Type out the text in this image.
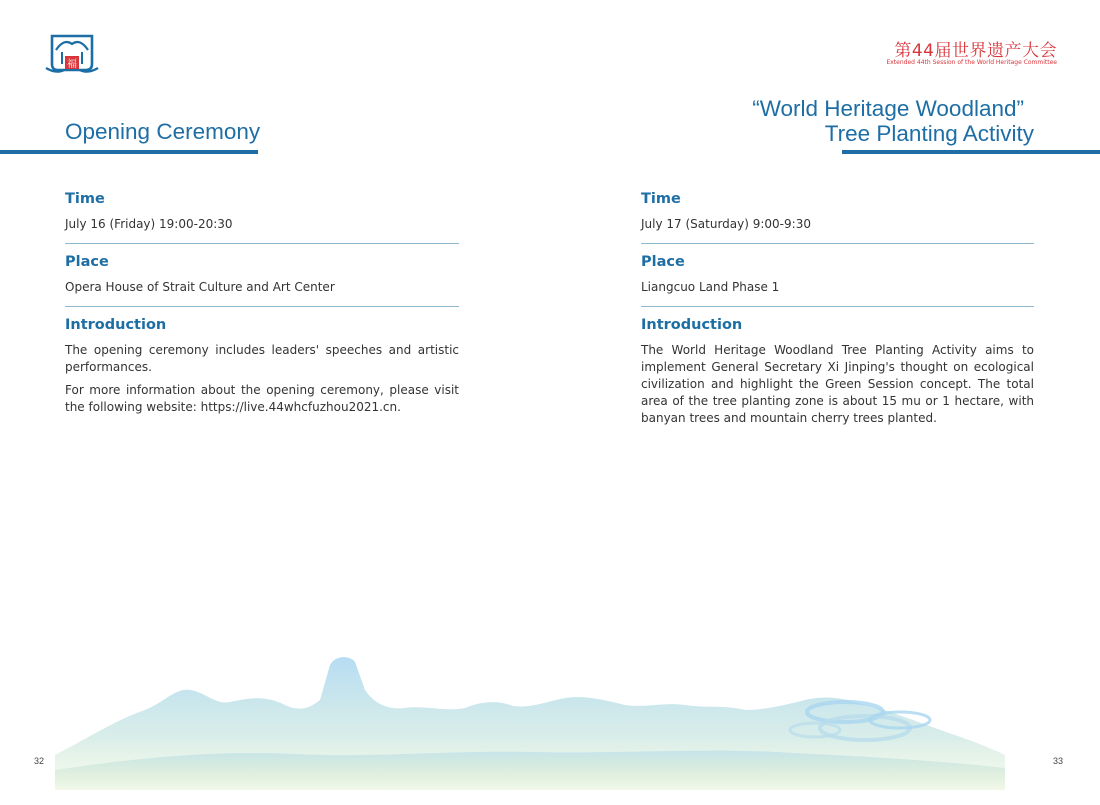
福
第44届世界遗产大会
Extended 44th Session of the World Heritage Committee
Opening Ceremony
“World Heritage Woodland”
Tree Planting Activity
Time
July 16 (Friday) 19:00-20:30
Place
Opera House of Strait Culture and Art Center
Introduction
The opening ceremony includes leaders' speeches and artistic performances.
For more information about the opening ceremony, please visit the following website: https://live.44whcfuzhou2021.cn.
Time
July 17 (Saturday) 9:00-9:30
Place
Liangcuo Land Phase 1
Introduction
The World Heritage Woodland Tree Planting Activity aims to implement General Secretary Xi Jinping's thought on ecological civilization and highlight the Green Session concept. The total area of the tree planting zone is about 15 mu or 1 hectare, with banyan trees and mountain cherry trees planted.
32	33
